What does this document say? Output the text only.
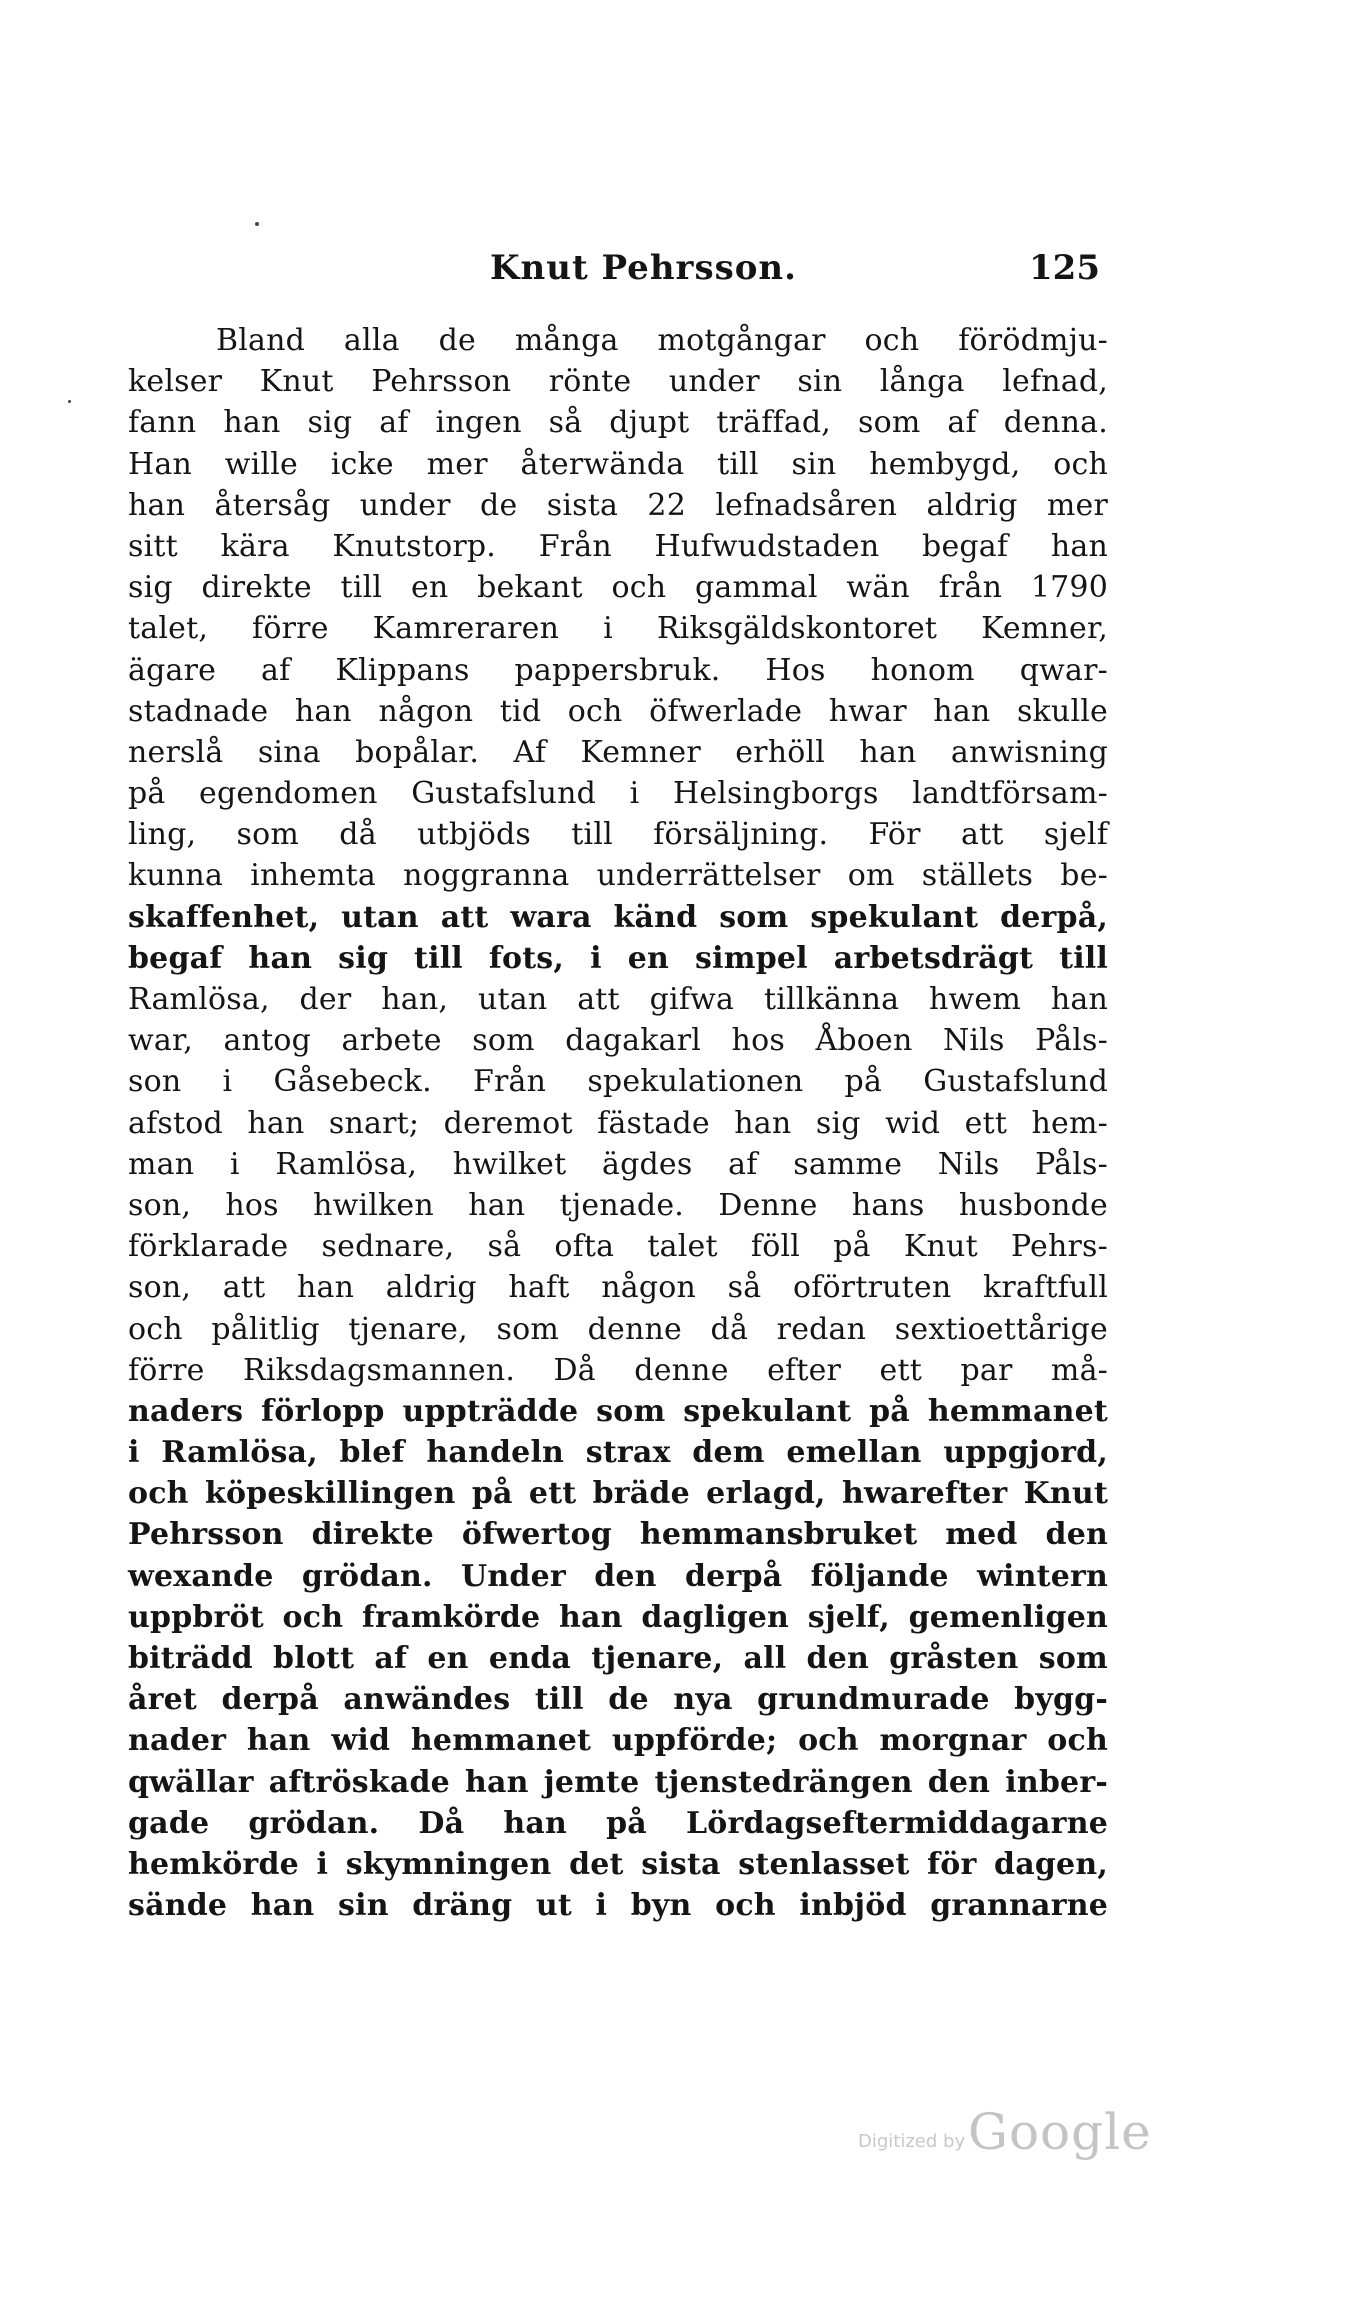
Knut Pehrsson.	125
Bland alla de många motgångar och förödmju-
kelser Knut Pehrsson rönte under sin långa lefnad,
fann han sig af ingen så djupt träffad, som af denna.
Han wille icke mer återwända till sin hembygd, och
han återsåg under de sista 22 lefnadsåren aldrig mer
sitt kära Knutstorp. Från Hufwudstaden begaf han
sig direkte till en bekant och gammal wän från 1790
talet, förre Kamreraren i Riksgäldskontoret Kemner,
ägare af Klippans pappersbruk. Hos honom qwar-
stadnade han någon tid och öfwerlade hwar han skulle
nerslå sina bopålar. Af Kemner erhöll han anwisning
på egendomen Gustafslund i Helsingborgs landtförsam-
ling, som då utbjöds till försäljning. För att sjelf
kunna inhemta noggranna underrättelser om ställets be-
skaffenhet, utan att wara känd som spekulant derpå,
begaf han sig till fots, i en simpel arbetsdrägt till
Ramlösa, der han, utan att gifwa tillkänna hwem han
war, antog arbete som dagakarl hos Åboen Nils Påls-
son i Gåsebeck. Från spekulationen på Gustafslund
afstod han snart; deremot fästade han sig wid ett hem-
man i Ramlösa, hwilket ägdes af samme Nils Påls-
son, hos hwilken han tjenade. Denne hans husbonde
förklarade sednare, så ofta talet föll på Knut Pehrs-
son, att han aldrig haft någon så oförtruten kraftfull
och pålitlig tjenare, som denne då redan sextioettårige
förre Riksdagsmannen. Då denne efter ett par må-
naders förlopp uppträdde som spekulant på hemmanet
i Ramlösa, blef handeln strax dem emellan uppgjord,
och köpeskillingen på ett bräde erlagd, hwarefter Knut
Pehrsson direkte öfwertog hemmansbruket med den
wexande grödan. Under den derpå följande wintern
uppbröt och framkörde han dagligen sjelf, gemenligen
biträdd blott af en enda tjenare, all den gråsten som
året derpå anwändes till de nya grundmurade bygg-
nader han wid hemmanet uppförde; och morgnar och
qwällar aftröskade han jemte tjenstedrängen den inber-
gade grödan. Då han på Lördagseftermiddagarne
hemkörde i skymningen det sista stenlasset för dagen,
sände han sin dräng ut i byn och inbjöd grannarne
Digitized by Google
